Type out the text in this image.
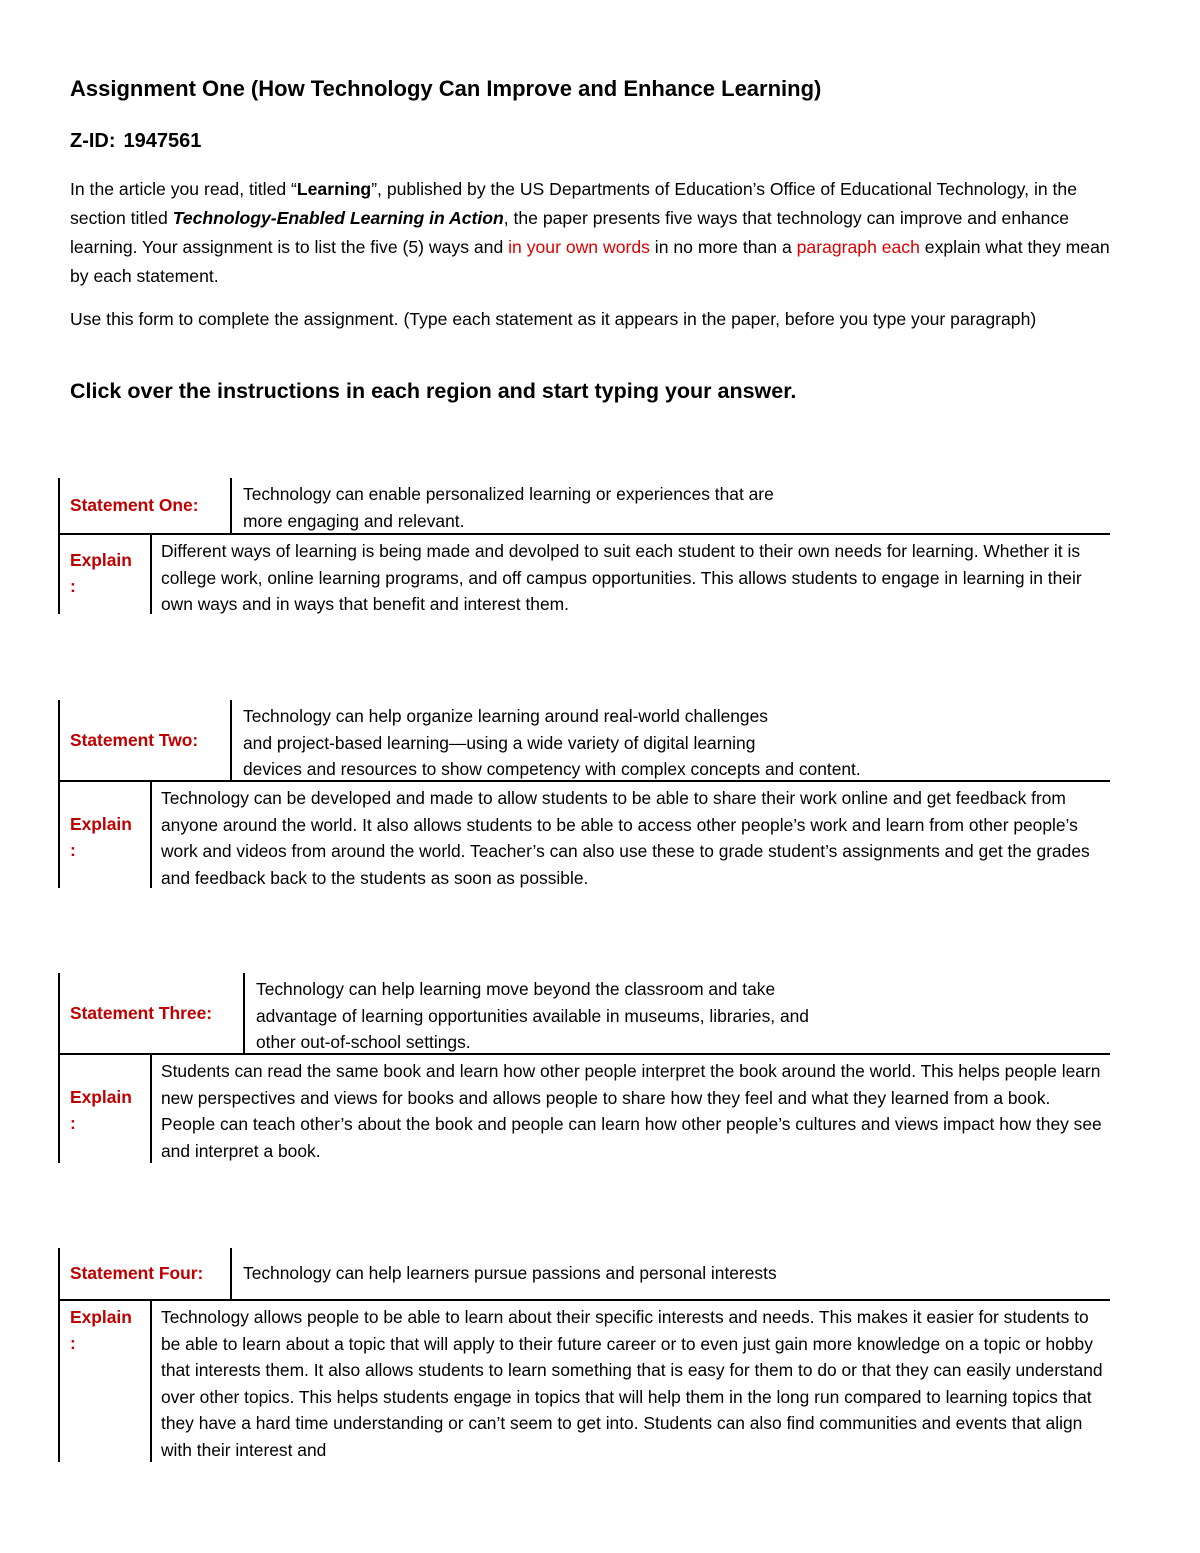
Assignment One (How Technology Can Improve and Enhance Learning)
Z-ID: 1947561
In the article you read, titled “Learning”, published by the US Departments of Education’s Office of Educational Technology, in the section titled Technology-Enabled Learning in Action, the paper presents five ways that technology can improve and enhance learning. Your assignment is to list the five (5) ways and in your own words in no more than a paragraph each explain what they mean by each statement.
Use this form to complete the assignment. (Type each statement as it appears in the paper, before you type your paragraph)
Click over the instructions in each region and start typing your answer.
Statement One:
Technology can enable personalized learning or experiences that are
more engaging and relevant.
Explain
:
Different ways of learning is being made and devolped to suit each student to their own needs for learning. Whether it is college work, online learning programs, and off campus opportunities. This allows students to engage in learning in their own ways and in ways that benefit and interest them.
Statement Two:
Technology can help organize learning around real-world challenges
and project-based learning—using a wide variety of digital learning
devices and resources to show competency with complex concepts and content.
Explain
:
Technology can be developed and made to allow students to be able to share their work online and get feedback from anyone around the world. It also allows students to be able to access other people’s work and learn from other people’s work and videos from around the world. Teacher’s can also use these to grade student’s assignments and get the grades and feedback back to the students as soon as possible.
Statement Three:
Technology can help learning move beyond the classroom and take
advantage of learning opportunities available in museums, libraries, and
other out-of-school settings.
Explain
:
Students can read the same book and learn how other people interpret the book around the world. This helps people learn new perspectives and views for books and allows people to share how they feel and what they learned from a book. People can teach other’s about the book and people can learn how other people’s cultures and views impact how they see and interpret a book.
Statement Four:	Technology can help learners pursue passions and personal interests
Explain
:
Technology allows people to be able to learn about their specific interests and needs. This makes it easier for students to be able to learn about a topic that will apply to their future career or to even just gain more knowledge on a topic or hobby that interests them. It also allows students to learn something that is easy for them to do or that they can easily understand over other topics. This helps students engage in topics that will help them in the long run compared to learning topics that they have a hard time understanding or can’t seem to get into. Students can also find communities and events that align with their interest and
